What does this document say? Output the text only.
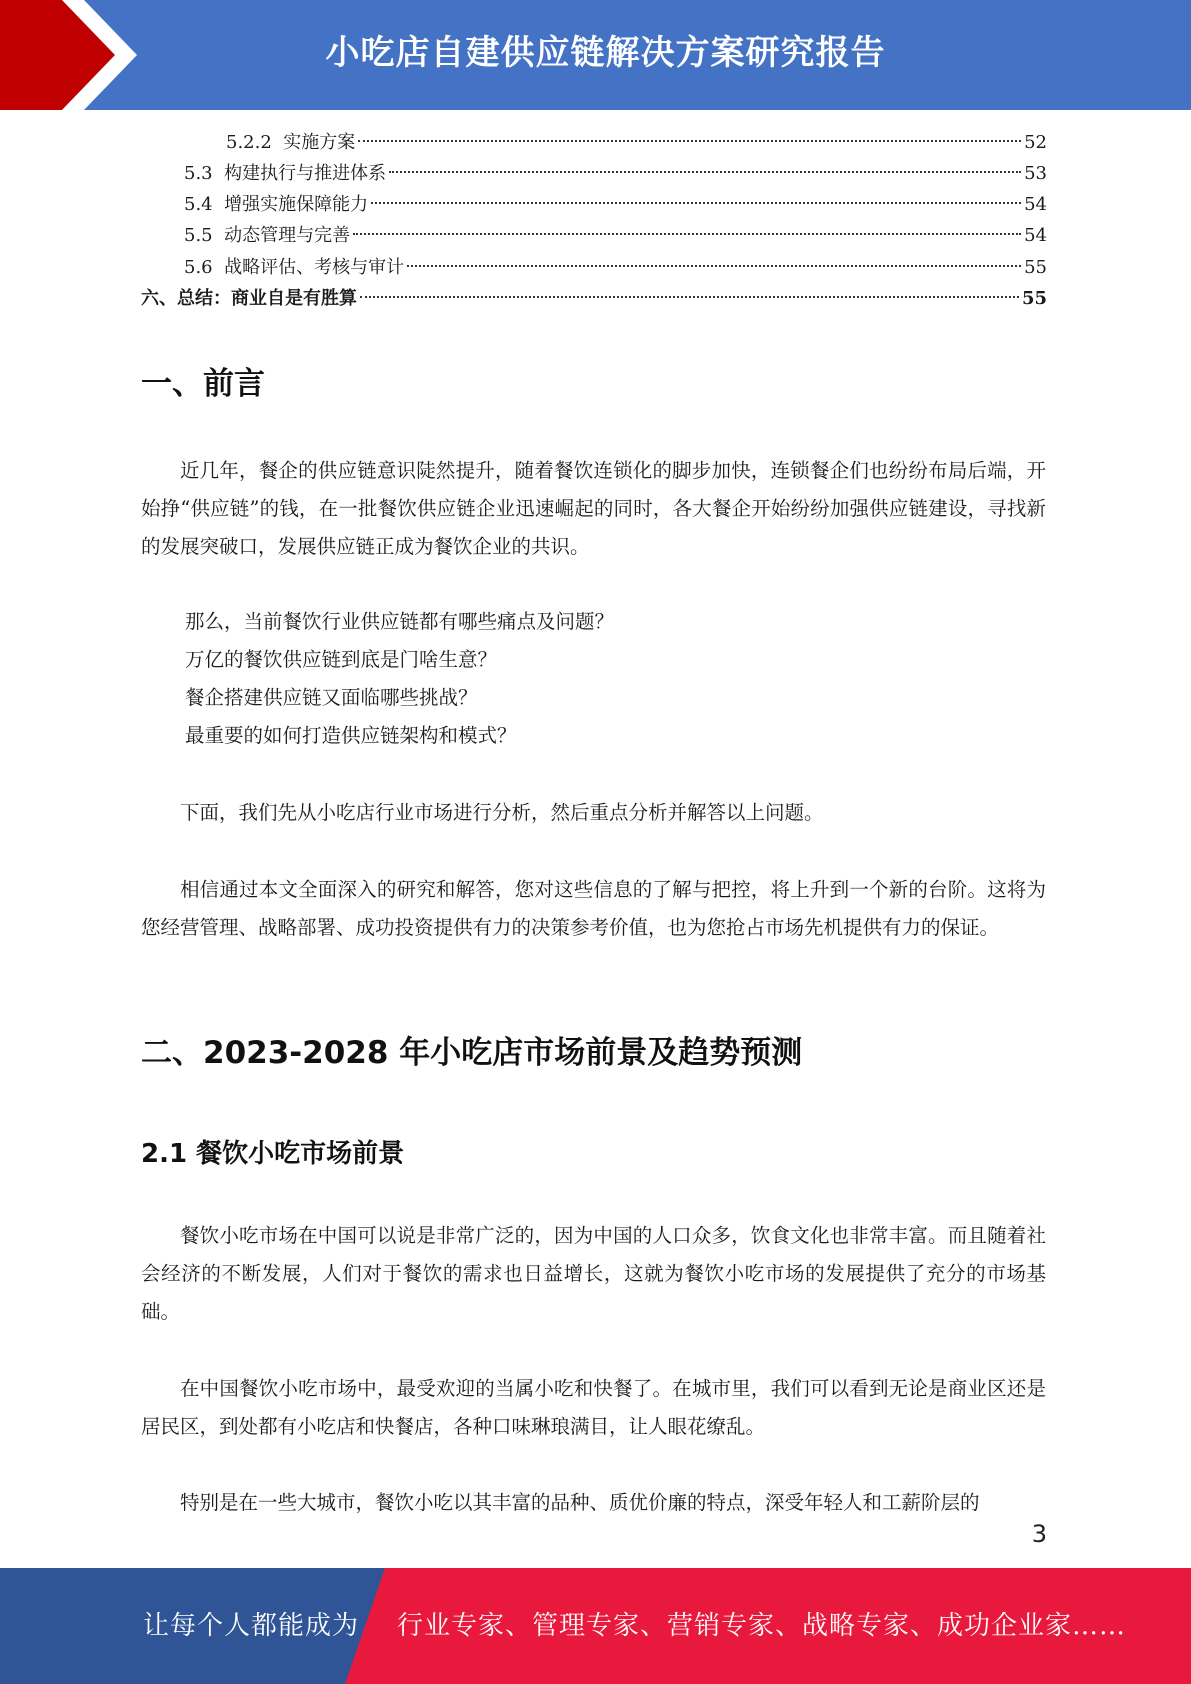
小吃店自建供应链解决方案研究报告
5.2.2 实施方案	52
5.3 构建执行与推进体系	53
5.4 增强实施保障能力	54
5.5 动态管理与完善	54
5.6 战略评估、考核与审计	55
六、总结：商业自是有胜算	55
一、前言
近几年，餐企的供应链意识陡然提升，随着餐饮连锁化的脚步加快，连锁餐企们也纷纷布局后端，开始挣“供应链”的钱，在一批餐饮供应链企业迅速崛起的同时，各大餐企开始纷纷加强供应链建设，寻找新的发展突破口，发展供应链正成为餐饮企业的共识。
那么，当前餐饮行业供应链都有哪些痛点及问题？
万亿的餐饮供应链到底是门啥生意？
餐企搭建供应链又面临哪些挑战？
最重要的如何打造供应链架构和模式？
下面，我们先从小吃店行业市场进行分析，然后重点分析并解答以上问题。
相信通过本文全面深入的研究和解答，您对这些信息的了解与把控，将上升到一个新的台阶。这将为您经营管理、战略部署、成功投资提供有力的决策参考价值，也为您抢占市场先机提供有力的保证。
二、2023-2028 年小吃店市场前景及趋势预测
2.1 餐饮小吃市场前景
餐饮小吃市场在中国可以说是非常广泛的，因为中国的人口众多，饮食文化也非常丰富。而且随着社会经济的不断发展，人们对于餐饮的需求也日益增长，这就为餐饮小吃市场的发展提供了充分的市场基础。
在中国餐饮小吃市场中，最受欢迎的当属小吃和快餐了。在城市里，我们可以看到无论是商业区还是居民区，到处都有小吃店和快餐店，各种口味琳琅满目，让人眼花缭乱。
特别是在一些大城市，餐饮小吃以其丰富的品种、质优价廉的特点，深受年轻人和工薪阶层的
3
让每个人都能成为 行业专家、管理专家、营销专家、战略专家、成功企业家……
